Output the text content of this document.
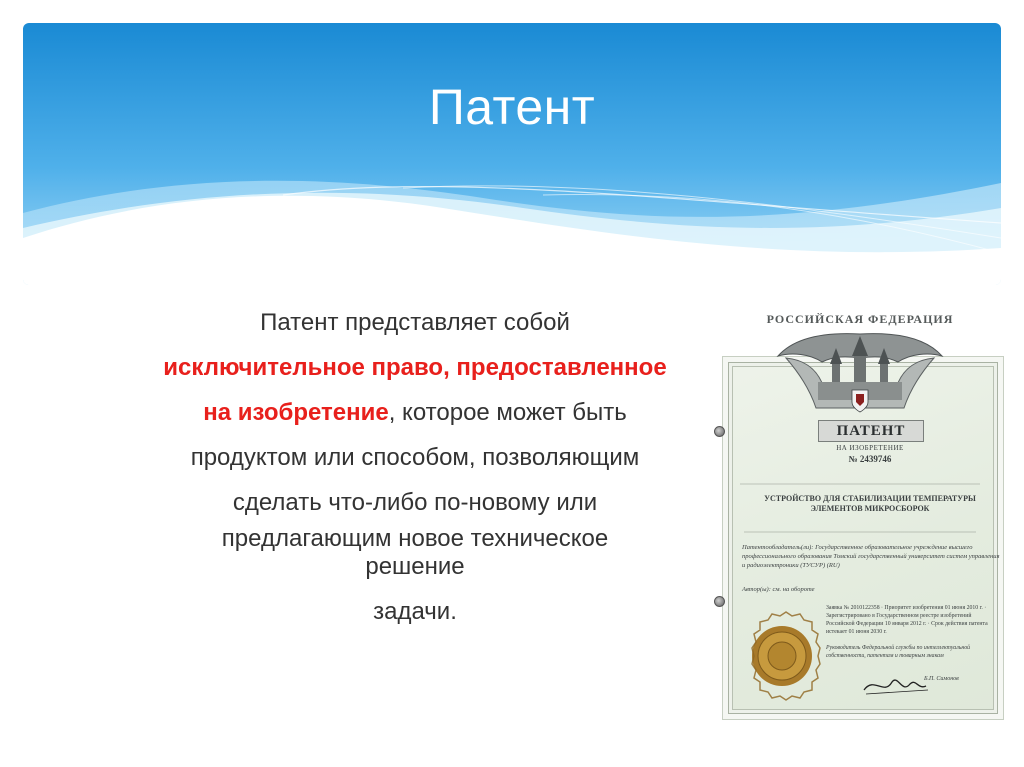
Патент
Патент представляет собой
исключительное право, предоставленное
на изобретение, которое может быть
продуктом или способом, позволяющим
сделать что-либо по-новому или
предлагающим новое техническое
решение
задачи.
РОССИЙСКАЯ ФЕДЕРАЦИЯ
ПАТЕНТ
НА ИЗОБРЕТЕНИЕ
№ 2439746
УСТРОЙСТВО ДЛЯ СТАБИЛИЗАЦИИ ТЕМПЕРАТУРЫ ЭЛЕМЕНТОВ МИКРОСБОРОК
Патентообладатель(ли): Государственное образовательное учреждение высшего профессионального образования Томский государственный университет систем управления и радиоэлектроники (ТУСУР) (RU)
Автор(ы): см. на обороте
Заявка № 2010122358 · Приоритет изобретения 01 июня 2010 г. · Зарегистрировано в Государственном реестре изобретений Российской Федерации 10 января 2012 г. · Срок действия патента истекает 01 июня 2030 г.
Руководитель Федеральной службы по интеллектуальной собственности, патентам и товарным знакам
Б.П. Симонов
